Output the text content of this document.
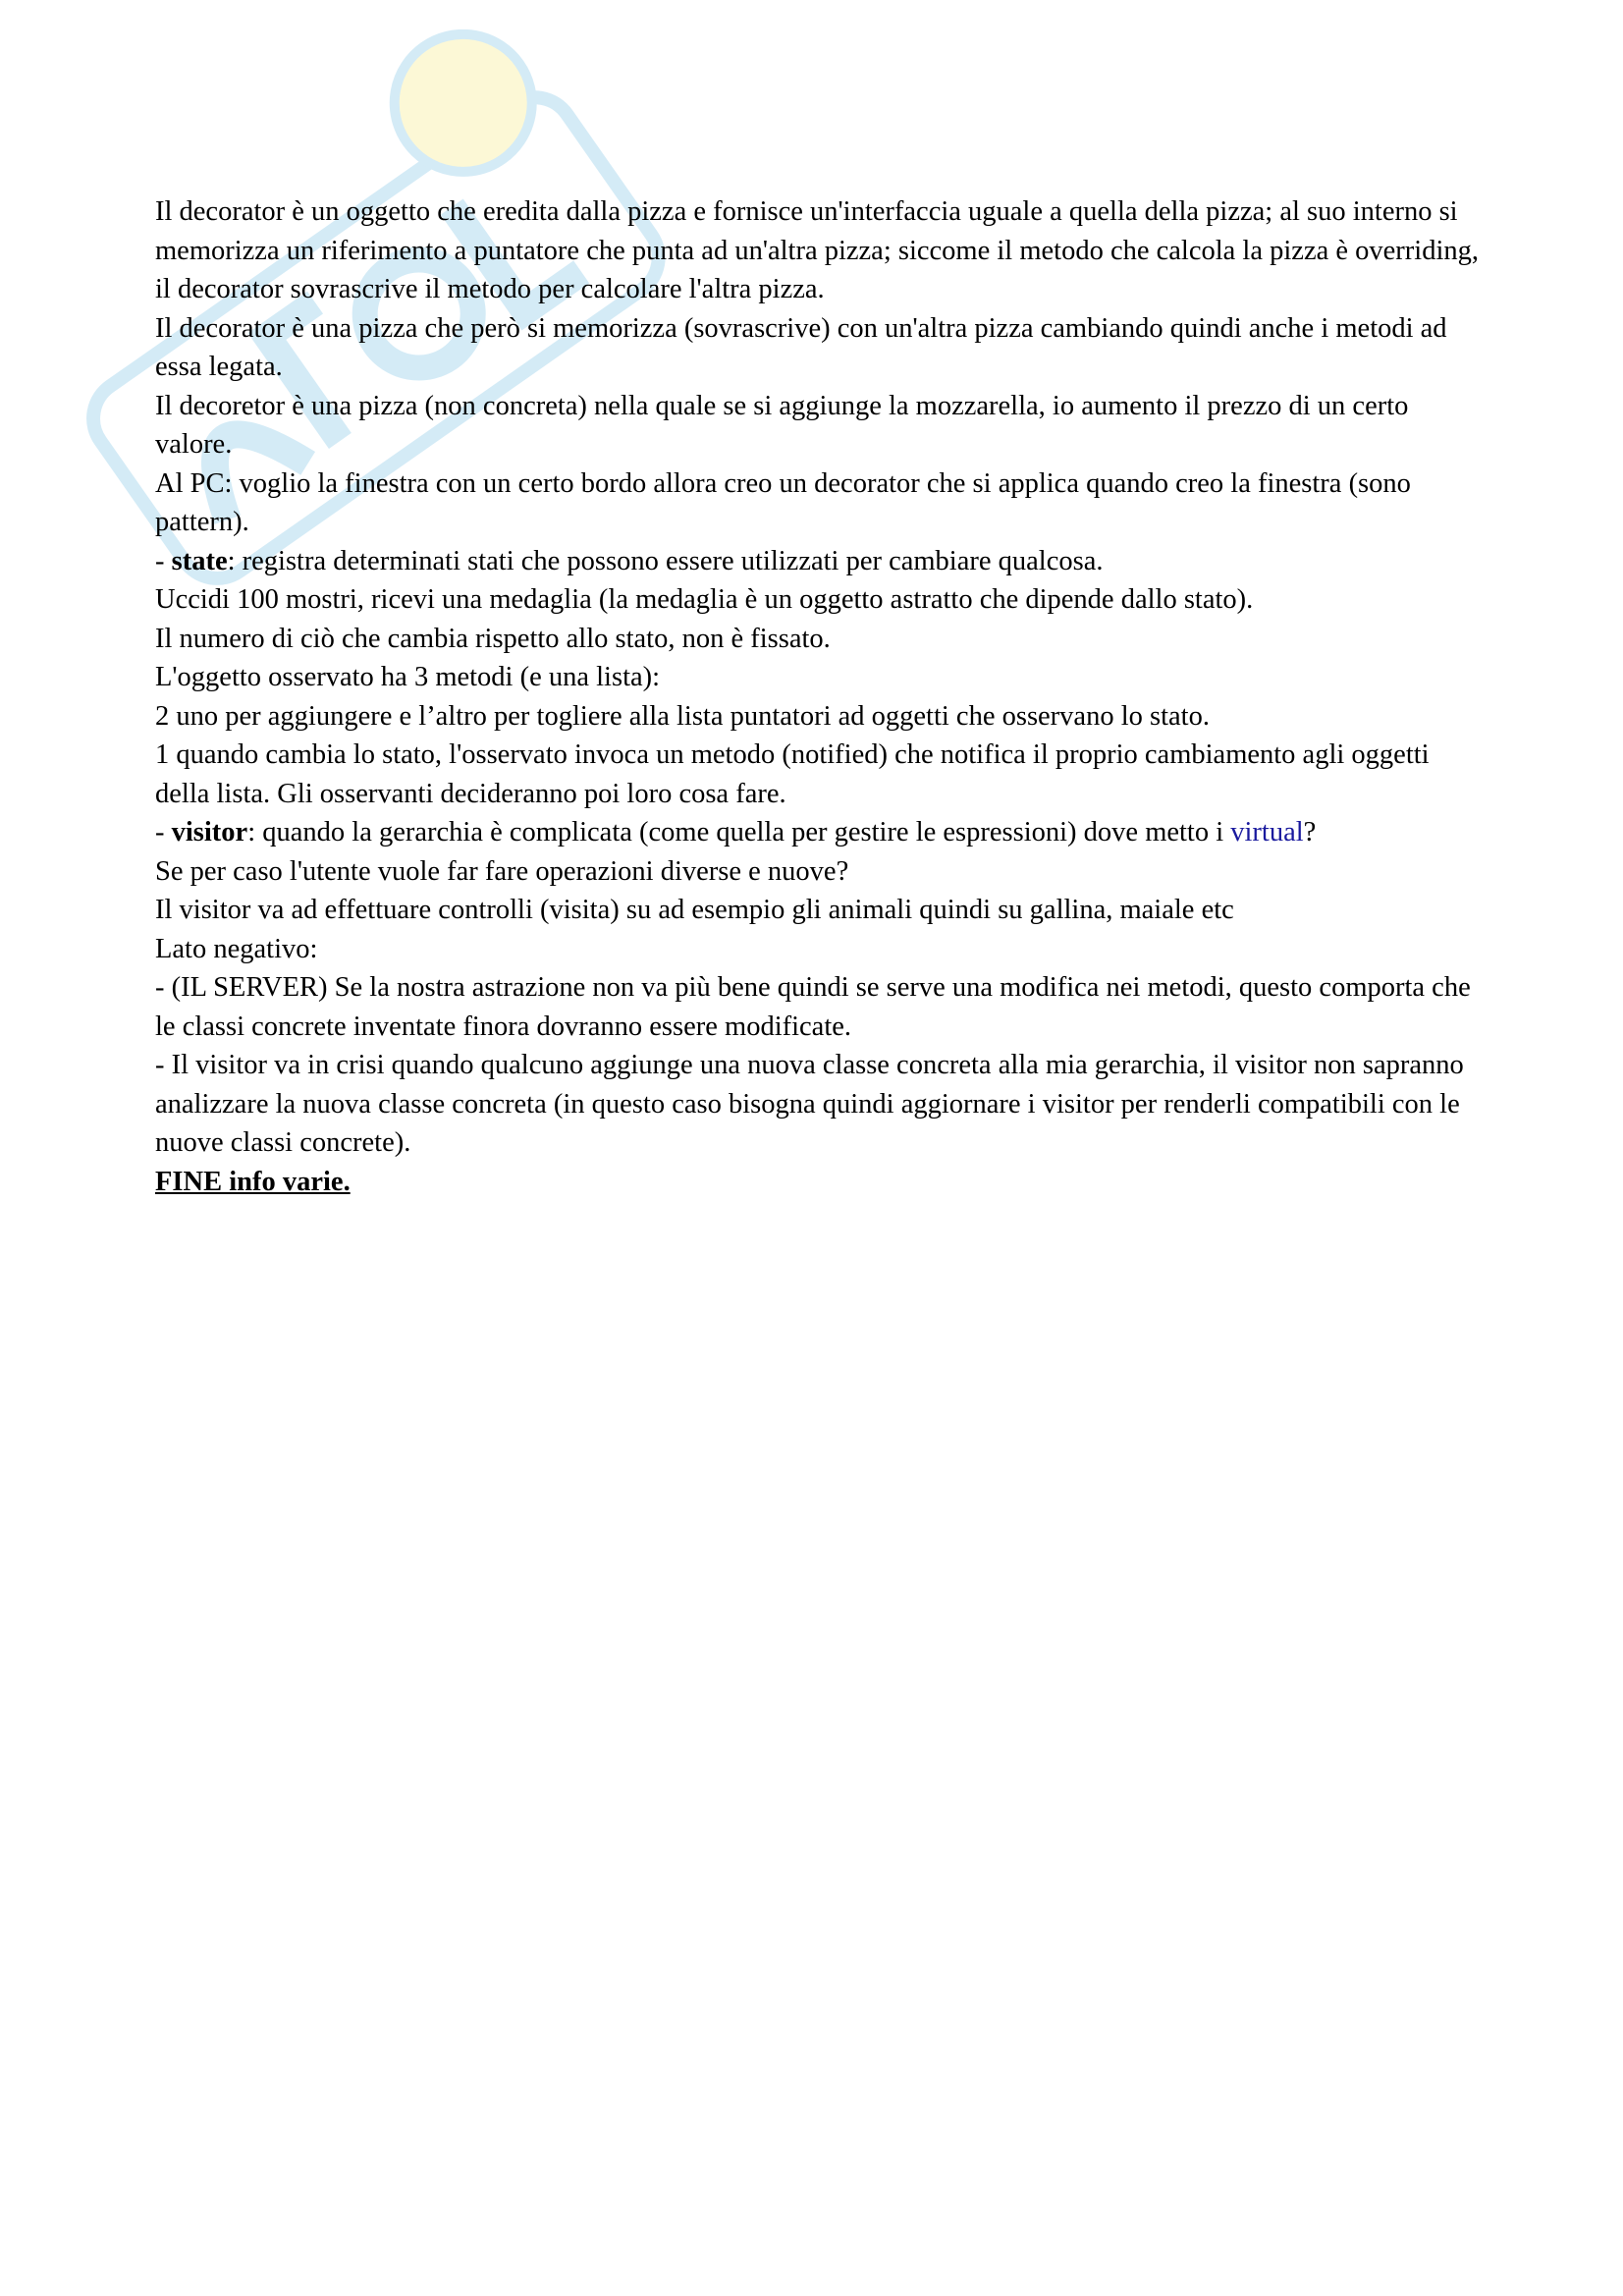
Il decorator è un oggetto che eredita dalla pizza e fornisce un'interfaccia uguale a quella della pizza; al suo interno si memorizza un riferimento a puntatore che punta ad un'altra pizza; siccome il metodo che calcola la pizza è overriding, il decorator sovrascrive il metodo per calcolare l'altra pizza.

Il decorator è una pizza che però si memorizza (sovrascrive) con un'altra pizza cambiando quindi anche i metodi ad essa legata.

Il decoretor è una pizza (non concreta) nella quale se si aggiunge la mozzarella, io aumento il prezzo di un certo valore.

Al PC: voglio la finestra con un certo bordo allora creo un decorator che si applica quando creo la finestra (sono pattern).

- state: registra determinati stati che possono essere utilizzati per cambiare qualcosa.

Uccidi 100 mostri, ricevi una medaglia (la medaglia è un oggetto astratto che dipende dallo stato).

Il numero di ciò che cambia rispetto allo stato, non è fissato.

L'oggetto osservato ha 3 metodi (e una lista):

2 uno per aggiungere e l’altro per togliere alla lista puntatori ad oggetti che osservano lo stato.

1 quando cambia lo stato, l'osservato invoca un metodo (notified) che notifica il proprio cambiamento agli oggetti della lista. Gli osservanti decideranno poi loro cosa fare.

- visitor: quando la gerarchia è complicata (come quella per gestire le espressioni) dove metto i virtual?

Se per caso l'utente vuole far fare operazioni diverse e nuove?

Il visitor va ad effettuare controlli (visita) su ad esempio gli animali quindi su gallina, maiale etc

Lato negativo:

- (IL SERVER) Se la nostra astrazione non va più bene quindi se serve una modifica nei metodi, questo comporta che le classi concrete inventate finora dovranno essere modificate.

- Il visitor va in crisi quando qualcuno aggiunge una nuova classe concreta alla mia gerarchia, il visitor non sapranno analizzare la nuova classe concreta (in questo caso bisogna quindi aggiornare i visitor per renderli compatibili con le nuove classi concrete).

FINE info varie.
